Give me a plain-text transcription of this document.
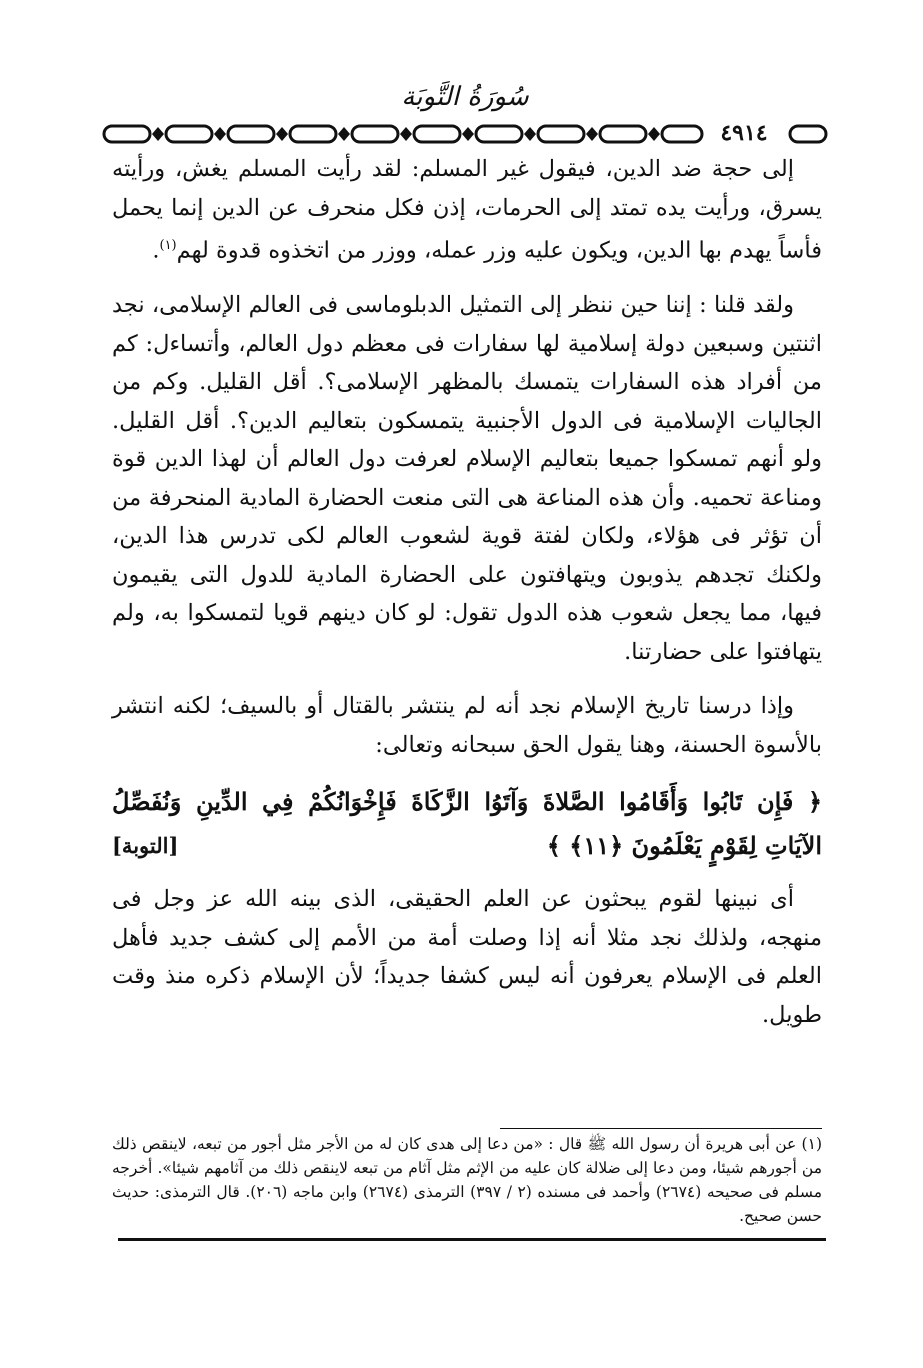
سُورَةُ التَّوبَة
٤٩١٤

إلى حجة ضد الدين، فيقول غير المسلم: لقد رأيت المسلم يغش، ورأيته يسرق، ورأيت يده تمتد إلى الحرمات، إذن فكل منحرف عن الدين إنما يحمل فأساً يهدم بها الدين، ويكون عليه وزر عمله، ووزر من اتخذوه قدوة لهم$^{(١)}$.

ولقد قلنا : إننا حين ننظر إلى التمثيل الدبلوماسى فى العالم الإسلامى، نجد اثنتين وسبعين دولة إسلامية لها سفارات فى معظم دول العالم، وأتساءل: كم من أفراد هذه السفارات يتمسك بالمظهر الإسلامى؟. أقل القليل. وكم من الجاليات الإسلامية فى الدول الأجنبية يتمسكون بتعاليم الدين؟. أقل القليل. ولو أنهم تمسكوا جميعا بتعاليم الإسلام لعرفت دول العالم أن لهذا الدين قوة ومناعة تحميه. وأن هذه المناعة هى التى منعت الحضارة المادية المنحرفة من أن تؤثر فى هؤلاء، ولكان لفتة قوية لشعوب العالم لكى تدرس هذا الدين، ولكنك تجدهم يذوبون ويتهافتون على الحضارة المادية للدول التى يقيمون فيها، مما يجعل شعوب هذه الدول تقول: لو كان دينهم قويا لتمسكوا به، ولم يتهافتوا على حضارتنا.

وإذا درسنا تاريخ الإسلام نجد أنه لم ينتشر بالقتال أو بالسيف؛ لكنه انتشر بالأسوة الحسنة، وهنا يقول الحق سبحانه وتعالى:

﴿ فَإِن تَابُوا وَأَقَامُوا الصَّلاةَ وَآتَوُا الزَّكَاةَ فَإِخْوَانُكُمْ فِي الدِّينِ وَنُفَصِّلُ الآيَاتِ لِقَوْمٍ يَعْلَمُونَ ﴿١١﴾ ﴾
[التوبة]

أى نبينها لقوم يبحثون عن العلم الحقيقى، الذى بينه الله عز وجل فى منهجه، ولذلك نجد مثلا أنه إذا وصلت أمة من الأمم إلى كشف جديد فأهل العلم فى الإسلام يعرفون أنه ليس كشفا جديداً؛ لأن الإسلام ذكره منذ وقت طويل.

(١) عن أبى هريرة أن رسول الله ﷺ قال : «من دعا إلى هدى كان له من الأجر مثل أجور من تبعه، لاينقص ذلك من أجورهم شيئا، ومن دعا إلى ضلالة كان عليه من الإثم مثل آثام من تبعه لاينقص ذلك من آثامهم شيئا». أخرجه مسلم فى صحيحه (٢٦٧٤) وأحمد فى مسنده (٢ / ٣٩٧) الترمذى (٢٦٧٤) وابن ماجه (٢٠٦). قال الترمذى: حديث حسن صحيح.
